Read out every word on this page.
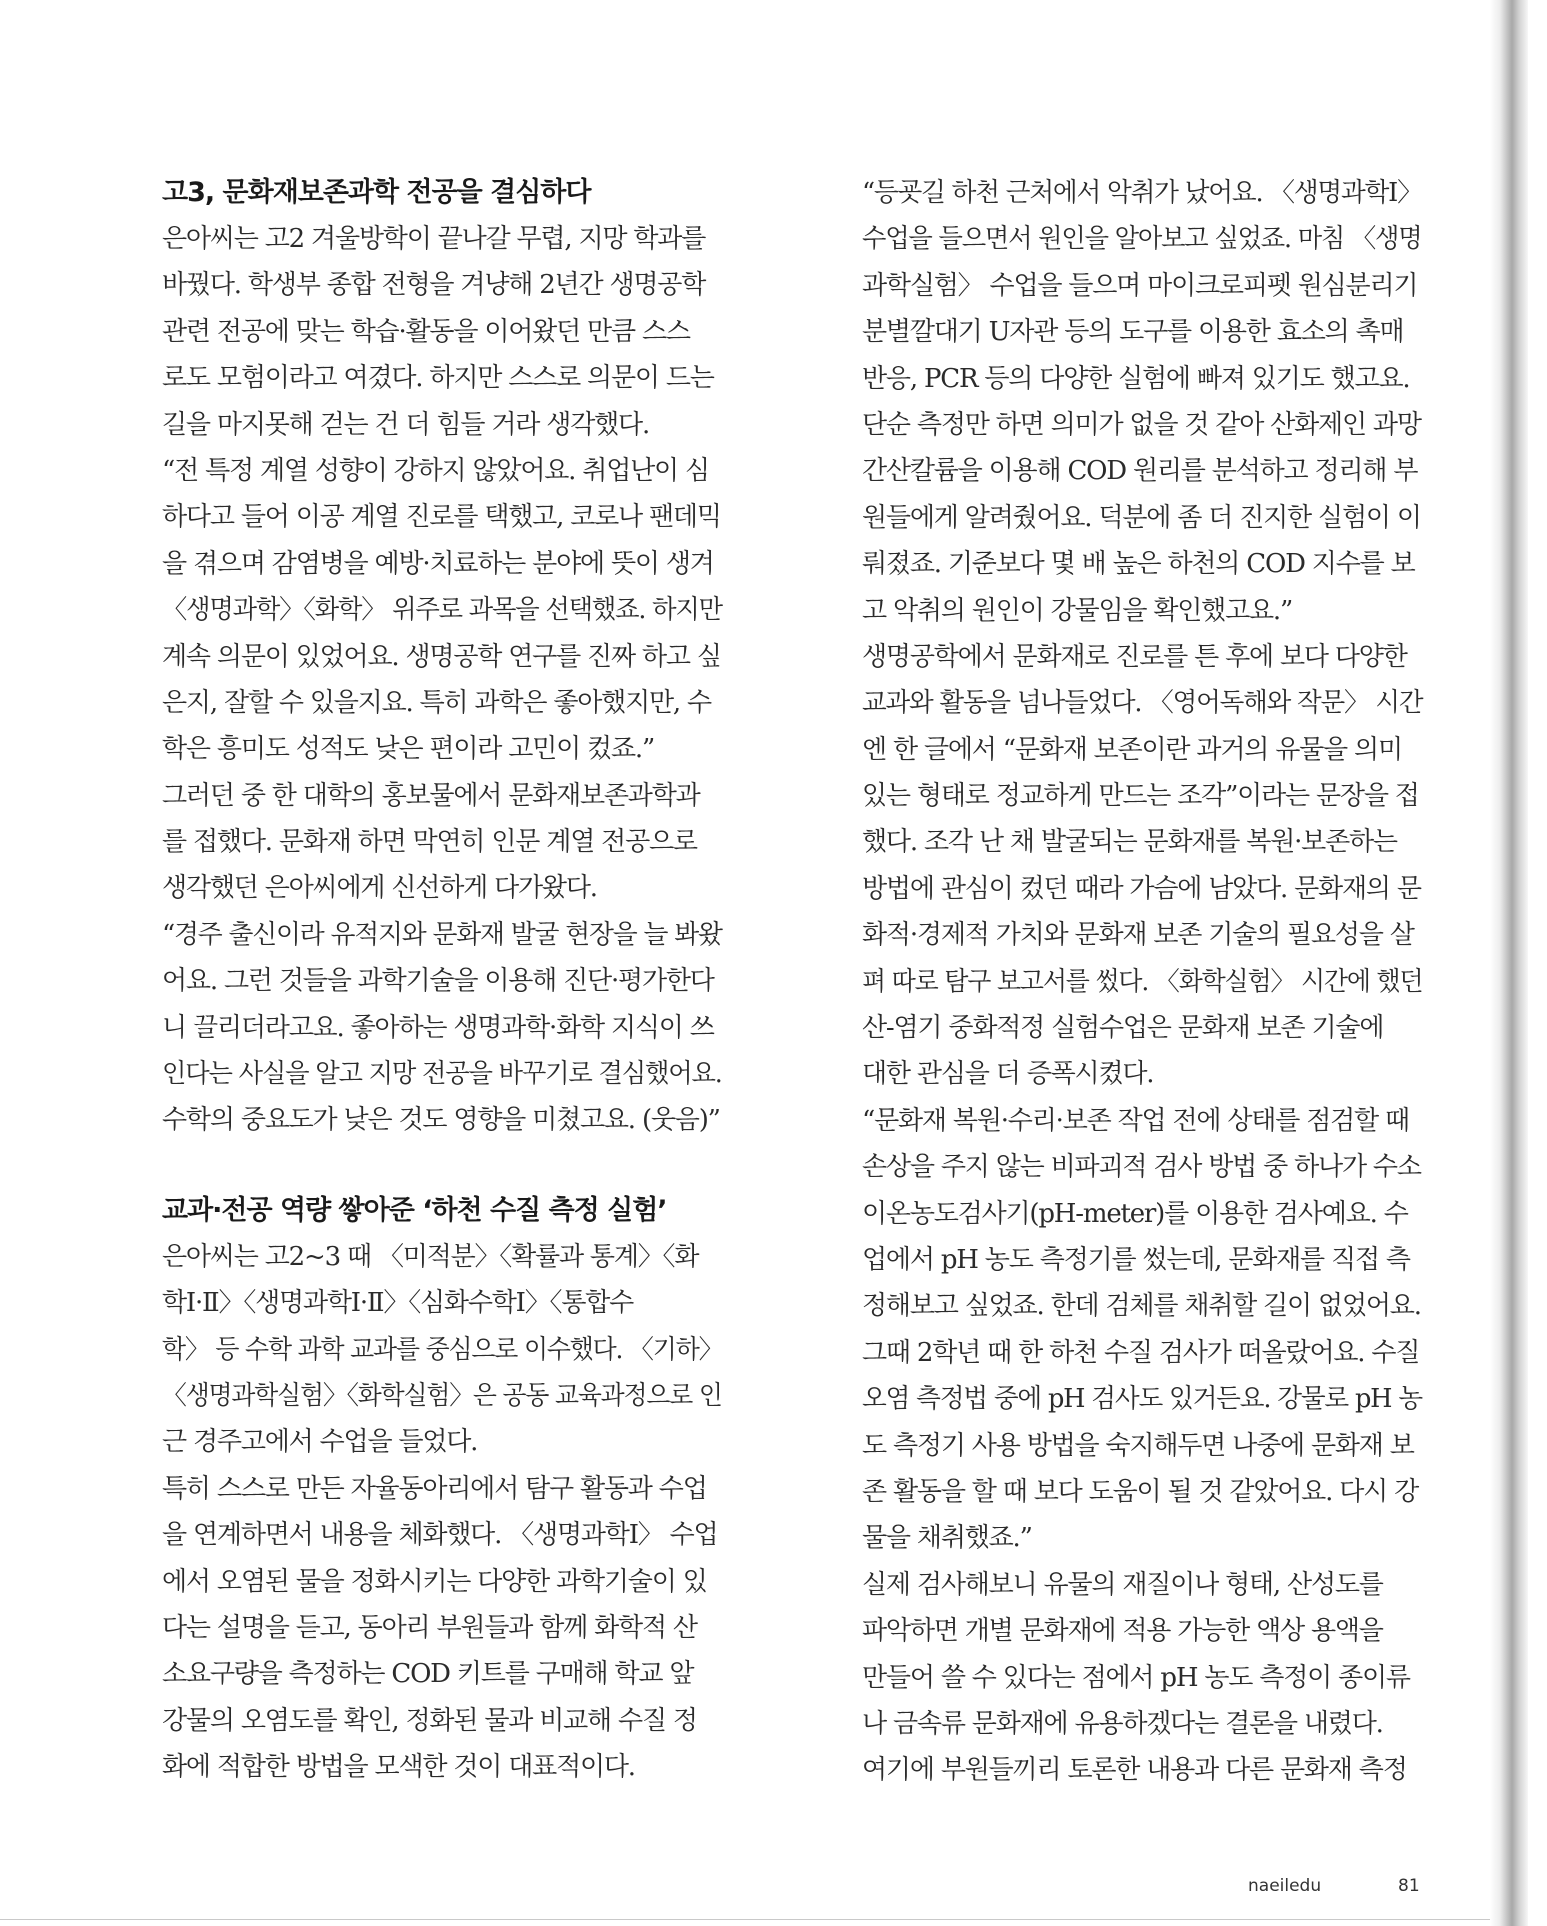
고3, 문화재보존과학 전공을 결심하다
은아씨는 고2 겨울방학이 끝나갈 무렵, 지망 학과를
바꿨다. 학생부 종합 전형을 겨냥해 2년간 생명공학
관련 전공에 맞는 학습·활동을 이어왔던 만큼 스스
로도 모험이라고 여겼다. 하지만 스스로 의문이 드는
길을 마지못해 걷는 건 더 힘들 거라 생각했다.
“전 특정 계열 성향이 강하지 않았어요. 취업난이 심
하다고 들어 이공 계열 진로를 택했고, 코로나 팬데믹
을 겪으며 감염병을 예방·치료하는 분야에 뜻이 생겨
〈생명과학〉〈화학〉 위주로 과목을 선택했죠. 하지만
계속 의문이 있었어요. 생명공학 연구를 진짜 하고 싶
은지, 잘할 수 있을지요. 특히 과학은 좋아했지만, 수
학은 흥미도 성적도 낮은 편이라 고민이 컸죠.”
그러던 중 한 대학의 홍보물에서 문화재보존과학과
를 접했다. 문화재 하면 막연히 인문 계열 전공으로
생각했던 은아씨에게 신선하게 다가왔다.
“경주 출신이라 유적지와 문화재 발굴 현장을 늘 봐왔
어요. 그런 것들을 과학기술을 이용해 진단·평가한다
니 끌리더라고요. 좋아하는 생명과학·화학 지식이 쓰
인다는 사실을 알고 지망 전공을 바꾸기로 결심했어요.
수학의 중요도가 낮은 것도 영향을 미쳤고요. (웃음)”
교과·전공 역량 쌓아준 ‘하천 수질 측정 실험’
은아씨는 고2~3 때 〈미적분〉〈확률과 통계〉〈화
학Ⅰ·Ⅱ〉〈생명과학Ⅰ·Ⅱ〉〈심화수학Ⅰ〉〈통합수
학〉 등 수학 과학 교과를 중심으로 이수했다. 〈기하〉
〈생명과학실험〉〈화학실험〉은 공동 교육과정으로 인
근 경주고에서 수업을 들었다.
특히 스스로 만든 자율동아리에서 탐구 활동과 수업
을 연계하면서 내용을 체화했다. 〈생명과학Ⅰ〉 수업
에서 오염된 물을 정화시키는 다양한 과학기술이 있
다는 설명을 듣고, 동아리 부원들과 함께 화학적 산
소요구량을 측정하는 COD 키트를 구매해 학교 앞
강물의 오염도를 확인, 정화된 물과 비교해 수질 정
화에 적합한 방법을 모색한 것이 대표적이다.
“등굣길 하천 근처에서 악취가 났어요. 〈생명과학Ⅰ〉
수업을 들으면서 원인을 알아보고 싶었죠. 마침 〈생명
과학실험〉 수업을 들으며 마이크로피펫 원심분리기
분별깔대기 U자관 등의 도구를 이용한 효소의 촉매
반응, PCR 등의 다양한 실험에 빠져 있기도 했고요.
단순 측정만 하면 의미가 없을 것 같아 산화제인 과망
간산칼륨을 이용해 COD 원리를 분석하고 정리해 부
원들에게 알려줬어요. 덕분에 좀 더 진지한 실험이 이
뤄졌죠. 기준보다 몇 배 높은 하천의 COD 지수를 보
고 악취의 원인이 강물임을 확인했고요.”
생명공학에서 문화재로 진로를 튼 후에 보다 다양한
교과와 활동을 넘나들었다. 〈영어독해와 작문〉 시간
엔 한 글에서 “문화재 보존이란 과거의 유물을 의미
있는 형태로 정교하게 만드는 조각”이라는 문장을 접
했다. 조각 난 채 발굴되는 문화재를 복원·보존하는
방법에 관심이 컸던 때라 가슴에 남았다. 문화재의 문
화적·경제적 가치와 문화재 보존 기술의 필요성을 살
펴 따로 탐구 보고서를 썼다. 〈화학실험〉 시간에 했던
산-염기 중화적정 실험수업은 문화재 보존 기술에
대한 관심을 더 증폭시켰다.
“문화재 복원·수리·보존 작업 전에 상태를 점검할 때
손상을 주지 않는 비파괴적 검사 방법 중 하나가 수소
이온농도검사기(pH-meter)를 이용한 검사예요. 수
업에서 pH 농도 측정기를 썼는데, 문화재를 직접 측
정해보고 싶었죠. 한데 검체를 채취할 길이 없었어요.
그때 2학년 때 한 하천 수질 검사가 떠올랐어요. 수질
오염 측정법 중에 pH 검사도 있거든요. 강물로 pH 농
도 측정기 사용 방법을 숙지해두면 나중에 문화재 보
존 활동을 할 때 보다 도움이 될 것 같았어요. 다시 강
물을 채취했죠.”
실제 검사해보니 유물의 재질이나 형태, 산성도를
파악하면 개별 문화재에 적용 가능한 액상 용액을
만들어 쓸 수 있다는 점에서 pH 농도 측정이 종이류
나 금속류 문화재에 유용하겠다는 결론을 내렸다.
여기에 부원들끼리 토론한 내용과 다른 문화재 측정
naeiledu	81
